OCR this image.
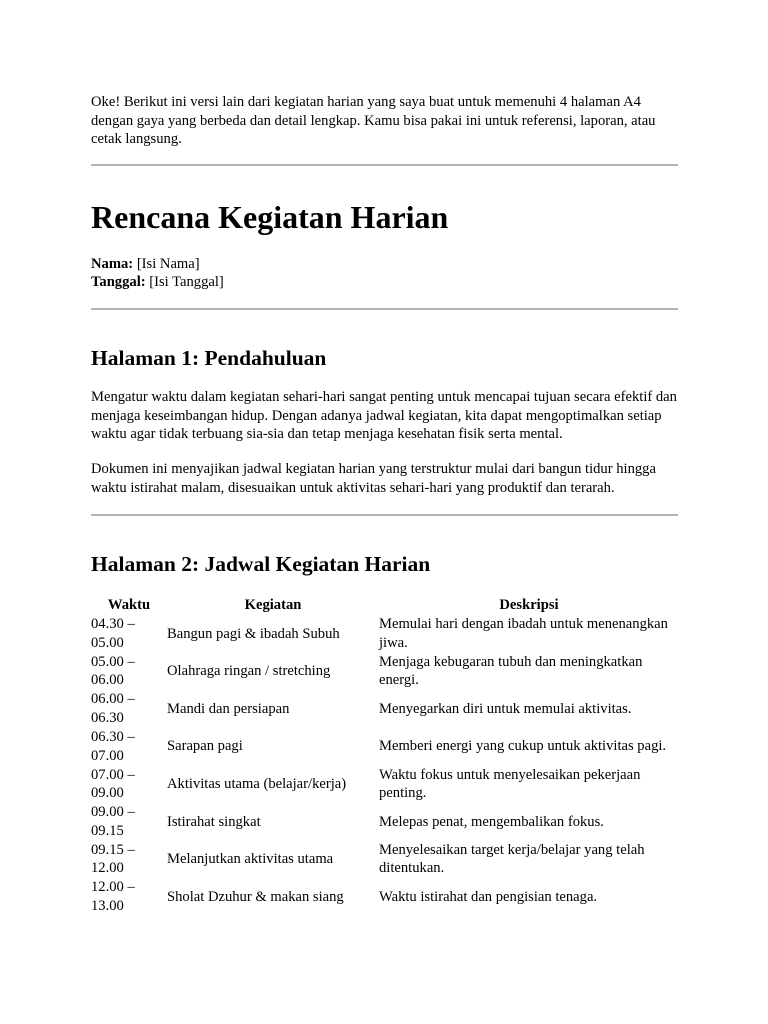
Oke! Berikut ini versi lain dari kegiatan harian yang saya buat untuk memenuhi 4 halaman A4 dengan gaya yang berbeda dan detail lengkap. Kamu bisa pakai ini untuk referensi, laporan, atau cetak langsung.
Rencana Kegiatan Harian
Nama: [Isi Nama]
Tanggal: [Isi Tanggal]
Halaman 1: Pendahuluan

Mengatur waktu dalam kegiatan sehari-hari sangat penting untuk mencapai tujuan secara efektif dan menjaga keseimbangan hidup. Dengan adanya jadwal kegiatan, kita dapat mengoptimalkan setiap waktu agar tidak terbuang sia-sia dan tetap menjaga kesehatan fisik serta mental.

Dokumen ini menyajikan jadwal kegiatan harian yang terstruktur mulai dari bangun tidur hingga waktu istirahat malam, disesuaikan untuk aktivitas sehari-hari yang produktif dan terarah.

Halaman 2: Jadwal Kegiatan Harian
Waktu	Kegiatan	Deskripsi
04.30 – 05.00	Bangun pagi & ibadah Subuh	Memulai hari dengan ibadah untuk menenangkan jiwa.
05.00 – 06.00	Olahraga ringan / stretching	Menjaga kebugaran tubuh dan meningkatkan energi.
06.00 – 06.30	Mandi dan persiapan	Menyegarkan diri untuk memulai aktivitas.
06.30 – 07.00	Sarapan pagi	Memberi energi yang cukup untuk aktivitas pagi.
07.00 – 09.00	Aktivitas utama (belajar/kerja)	Waktu fokus untuk menyelesaikan pekerjaan penting.
09.00 – 09.15	Istirahat singkat	Melepas penat, mengembalikan fokus.
09.15 – 12.00	Melanjutkan aktivitas utama	Menyelesaikan target kerja/belajar yang telah ditentukan.
12.00 – 13.00	Sholat Dzuhur & makan siang	Waktu istirahat dan pengisian tenaga.
